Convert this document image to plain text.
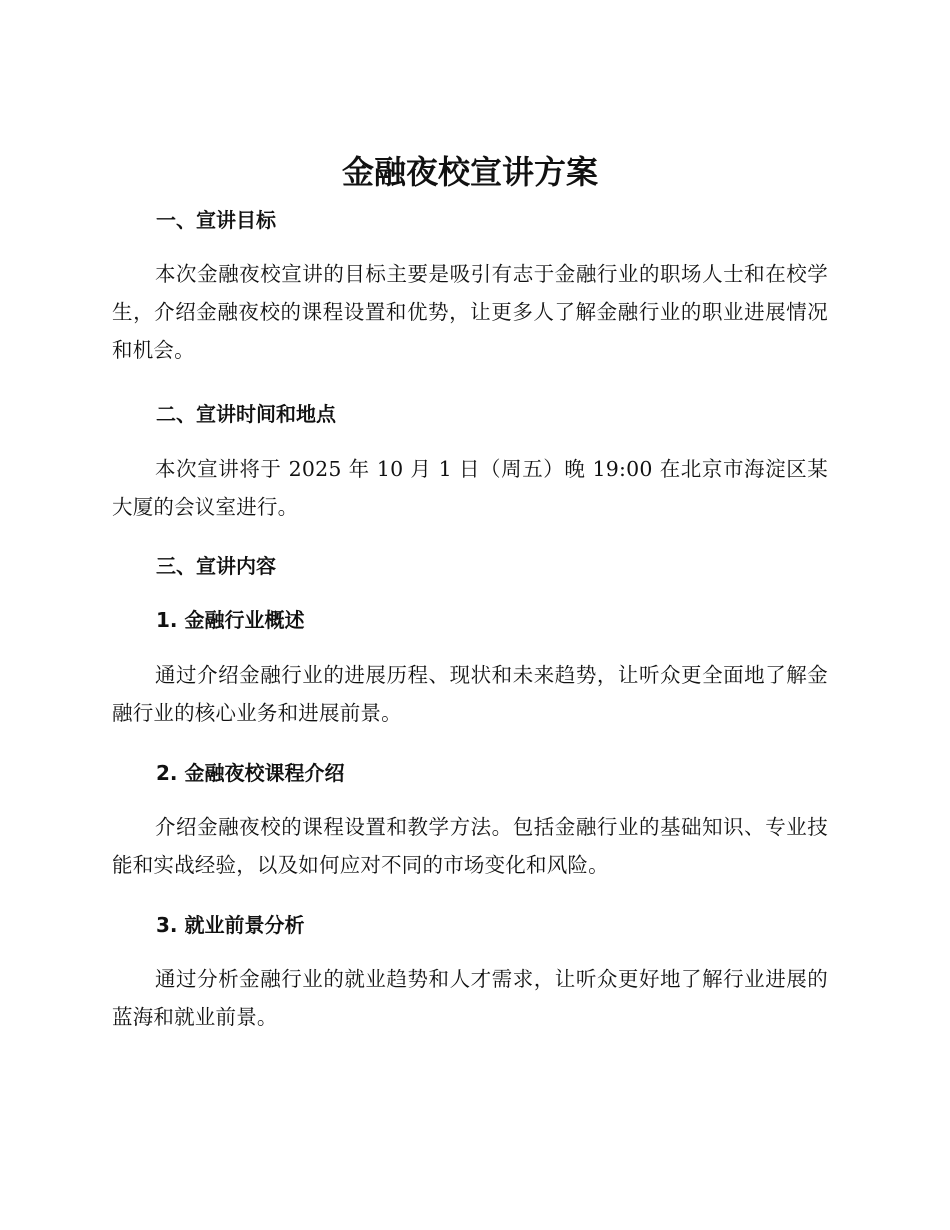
金融夜校宣讲方案
一、宣讲目标

本次金融夜校宣讲的目标主要是吸引有志于金融行业的职场人士和在校学生，介绍金融夜校的课程设置和优势，让更多人了解金融行业的职业进展情况和机会。

二、宣讲时间和地点

本次宣讲将于 2025 年 10 月 1 日（周五）晚 19:00 在北京市海淀区某大厦的会议室进行。

三、宣讲内容
1. 金融行业概述

通过介绍金融行业的进展历程、现状和未来趋势，让听众更全面地了解金融行业的核心业务和进展前景。

2. 金融夜校课程介绍

介绍金融夜校的课程设置和教学方法。包括金融行业的基础知识、专业技能和实战经验，以及如何应对不同的市场变化和风险。

3. 就业前景分析

通过分析金融行业的就业趋势和人才需求，让听众更好地了解行业进展的蓝海和就业前景。
